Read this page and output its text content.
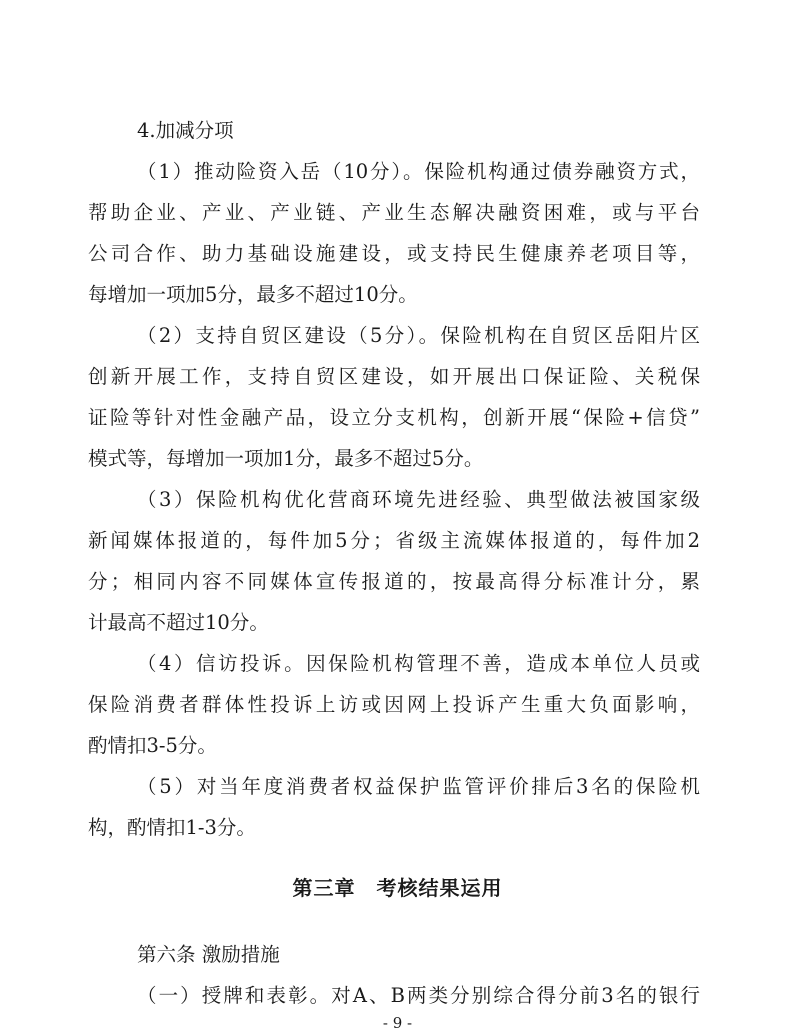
4.加减分项
（1）推动险资入岳（10分）。保险机构通过债券融资方式，
帮助企业、产业、产业链、产业生态解决融资困难，或与平台
公司合作、助力基础设施建设，或支持民生健康养老项目等，
每增加一项加5分，最多不超过10分。
（2）支持自贸区建设（5分）。保险机构在自贸区岳阳片区
创新开展工作，支持自贸区建设，如开展出口保证险、关税保
证险等针对性金融产品，设立分支机构，创新开展“保险+信贷”
模式等，每增加一项加1分，最多不超过5分。
（3）保险机构优化营商环境先进经验、典型做法被国家级
新闻媒体报道的，每件加5分；省级主流媒体报道的，每件加2
分；相同内容不同媒体宣传报道的，按最高得分标准计分，累
计最高不超过10分。
（4）信访投诉。因保险机构管理不善，造成本单位人员或
保险消费者群体性投诉上访或因网上投诉产生重大负面影响，
酌情扣3-5分。
（5）对当年度消费者权益保护监管评价排后3名的保险机
构，酌情扣1-3分。
第三章　考核结果运用
第六条 激励措施
（一）授牌和表彰。对A、B两类分别综合得分前3名的银行
- 9 -
